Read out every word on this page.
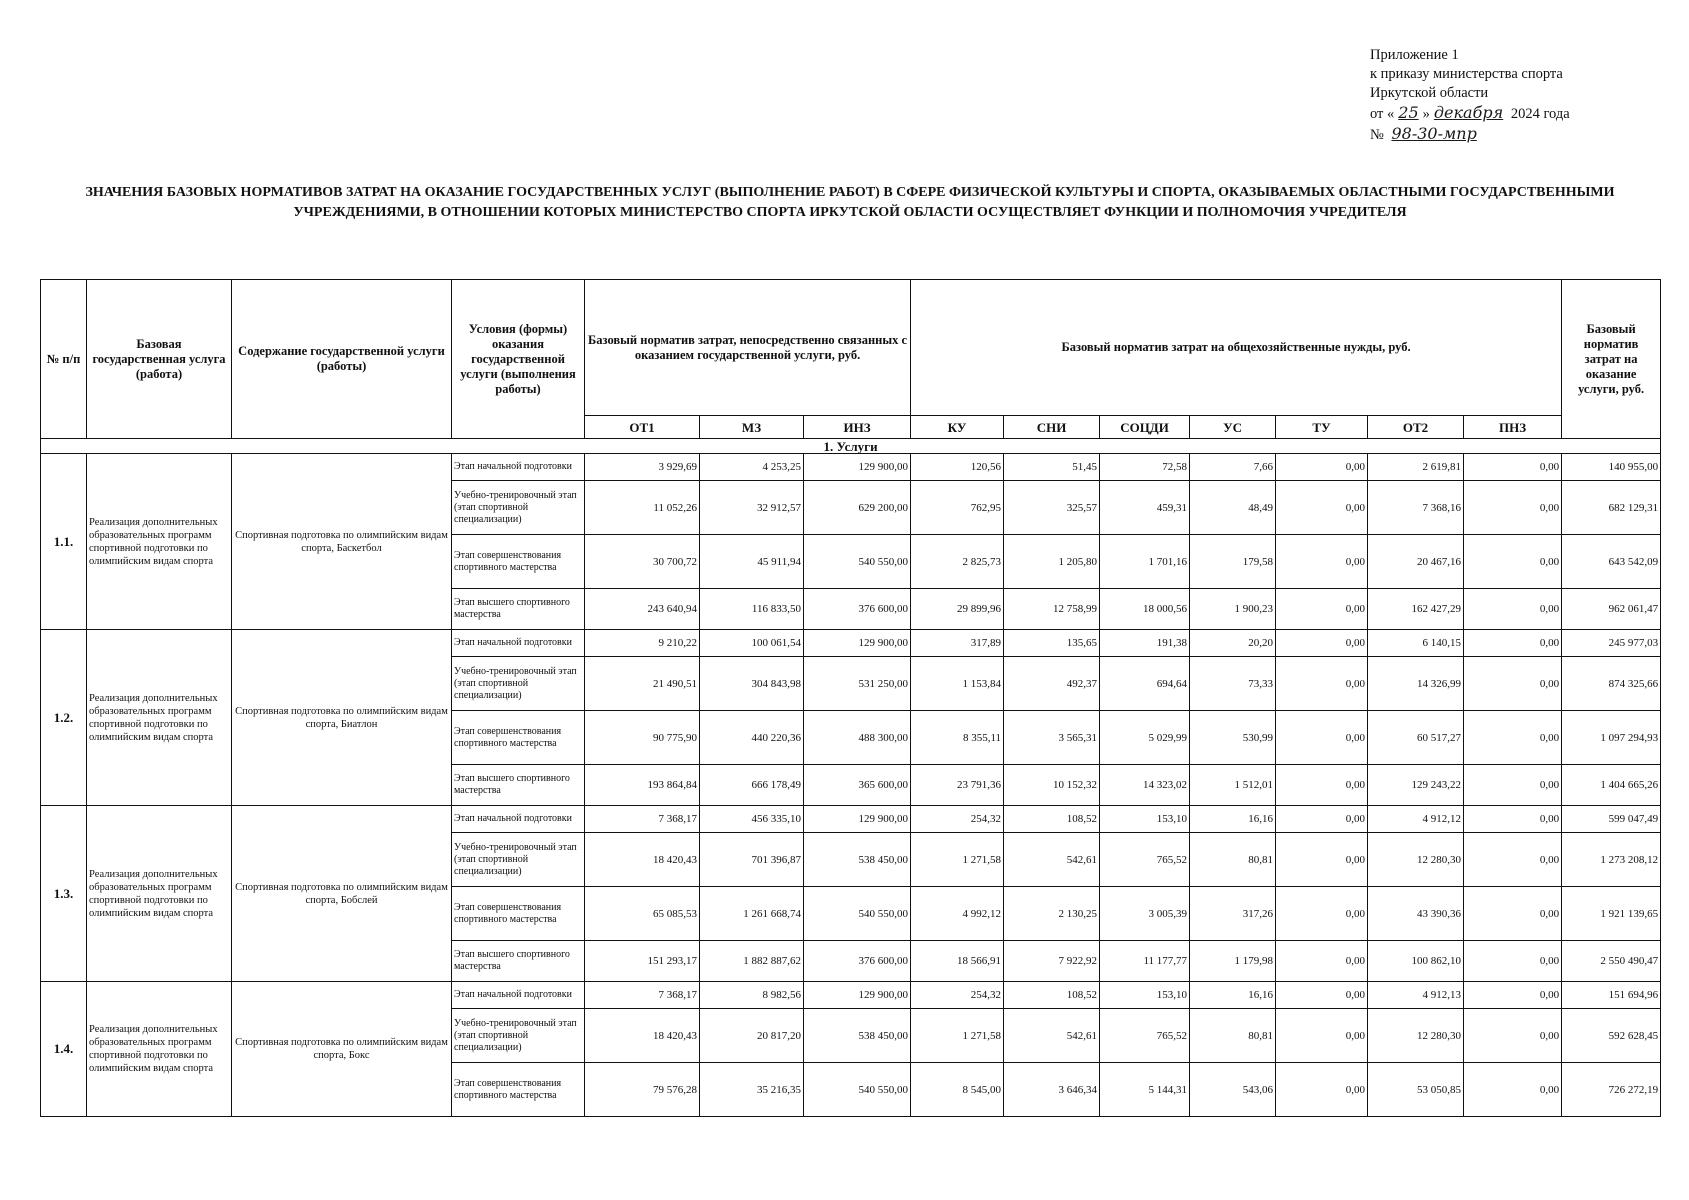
Приложение 1
к приказу министерства спорта
Иркутской области
от « 25 » декабря 2024 года
№ 98-30-мпр
ЗНАЧЕНИЯ БАЗОВЫХ НОРМАТИВОВ ЗАТРАТ НА ОКАЗАНИЕ ГОСУДАРСТВЕННЫХ УСЛУГ (ВЫПОЛНЕНИЕ РАБОТ) В СФЕРЕ ФИЗИЧЕСКОЙ КУЛЬТУРЫ И СПОРТА, ОКАЗЫВАЕМЫХ ОБЛАСТНЫМИ ГОСУДАРСТВЕННЫМИ УЧРЕЖДЕНИЯМИ, В ОТНОШЕНИИ КОТОРЫХ МИНИСТЕРСТВО СПОРТА ИРКУТСКОЙ ОБЛАСТИ ОСУЩЕСТВЛЯЕТ ФУНКЦИИ И ПОЛНОМОЧИЯ УЧРЕДИТЕЛЯ
№ п/п	Базовая государственная услуга (работа)	Содержание государственной услуги (работы)	Условия (формы) оказания государственной услуги (выполнения работы)	Базовый норматив затрат, непосредственно связанных с оказанием государственной услуги, руб.			Базовый норматив затрат на общехозяйственные нужды, руб.							Базовый норматив затрат на оказание услуги, руб.
				ОТ1	МЗ	ИНЗ	КУ	СНИ	СОЦДИ	УС	ТУ	ОТ2	ПНЗ	
1. Услуги														
1.1.	Реализация дополнительных образовательных программ спортивной подготовки по олимпийским видам спорта	Спортивная подготовка по олимпийским видам спорта, Баскетбол	Этап начальной подготовки	3 929,69	4 253,25	129 900,00	120,56	51,45	72,58	7,66	0,00	2 619,81	0,00	140 955,00
			Учебно-тренировочный этап (этап спортивной специализации)	11 052,26	32 912,57	629 200,00	762,95	325,57	459,31	48,49	0,00	7 368,16	0,00	682 129,31
			Этап совершенствования спортивного мастерства	30 700,72	45 911,94	540 550,00	2 825,73	1 205,80	1 701,16	179,58	0,00	20 467,16	0,00	643 542,09
			Этап высшего спортивного мастерства	243 640,94	116 833,50	376 600,00	29 899,96	12 758,99	18 000,56	1 900,23	0,00	162 427,29	0,00	962 061,47
1.2.	Реализация дополнительных образовательных программ спортивной подготовки по олимпийским видам спорта	Спортивная подготовка по олимпийским видам спорта, Биатлон	Этап начальной подготовки	9 210,22	100 061,54	129 900,00	317,89	135,65	191,38	20,20	0,00	6 140,15	0,00	245 977,03
			Учебно-тренировочный этап (этап спортивной специализации)	21 490,51	304 843,98	531 250,00	1 153,84	492,37	694,64	73,33	0,00	14 326,99	0,00	874 325,66
			Этап совершенствования спортивного мастерства	90 775,90	440 220,36	488 300,00	8 355,11	3 565,31	5 029,99	530,99	0,00	60 517,27	0,00	1 097 294,93
			Этап высшего спортивного мастерства	193 864,84	666 178,49	365 600,00	23 791,36	10 152,32	14 323,02	1 512,01	0,00	129 243,22	0,00	1 404 665,26
1.3.	Реализация дополнительных образовательных программ спортивной подготовки по олимпийским видам спорта	Спортивная подготовка по олимпийским видам спорта, Бобслей	Этап начальной подготовки	7 368,17	456 335,10	129 900,00	254,32	108,52	153,10	16,16	0,00	4 912,12	0,00	599 047,49
			Учебно-тренировочный этап (этап спортивной специализации)	18 420,43	701 396,87	538 450,00	1 271,58	542,61	765,52	80,81	0,00	12 280,30	0,00	1 273 208,12
			Этап совершенствования спортивного мастерства	65 085,53	1 261 668,74	540 550,00	4 992,12	2 130,25	3 005,39	317,26	0,00	43 390,36	0,00	1 921 139,65
			Этап высшего спортивного мастерства	151 293,17	1 882 887,62	376 600,00	18 566,91	7 922,92	11 177,77	1 179,98	0,00	100 862,10	0,00	2 550 490,47
1.4.	Реализация дополнительных образовательных программ спортивной подготовки по олимпийским видам спорта	Спортивная подготовка по олимпийским видам спорта, Бокс	Этап начальной подготовки	7 368,17	8 982,56	129 900,00	254,32	108,52	153,10	16,16	0,00	4 912,13	0,00	151 694,96
			Учебно-тренировочный этап (этап спортивной специализации)	18 420,43	20 817,20	538 450,00	1 271,58	542,61	765,52	80,81	0,00	12 280,30	0,00	592 628,45
			Этап совершенствования спортивного мастерства	79 576,28	35 216,35	540 550,00	8 545,00	3 646,34	5 144,31	543,06	0,00	53 050,85	0,00	726 272,19
